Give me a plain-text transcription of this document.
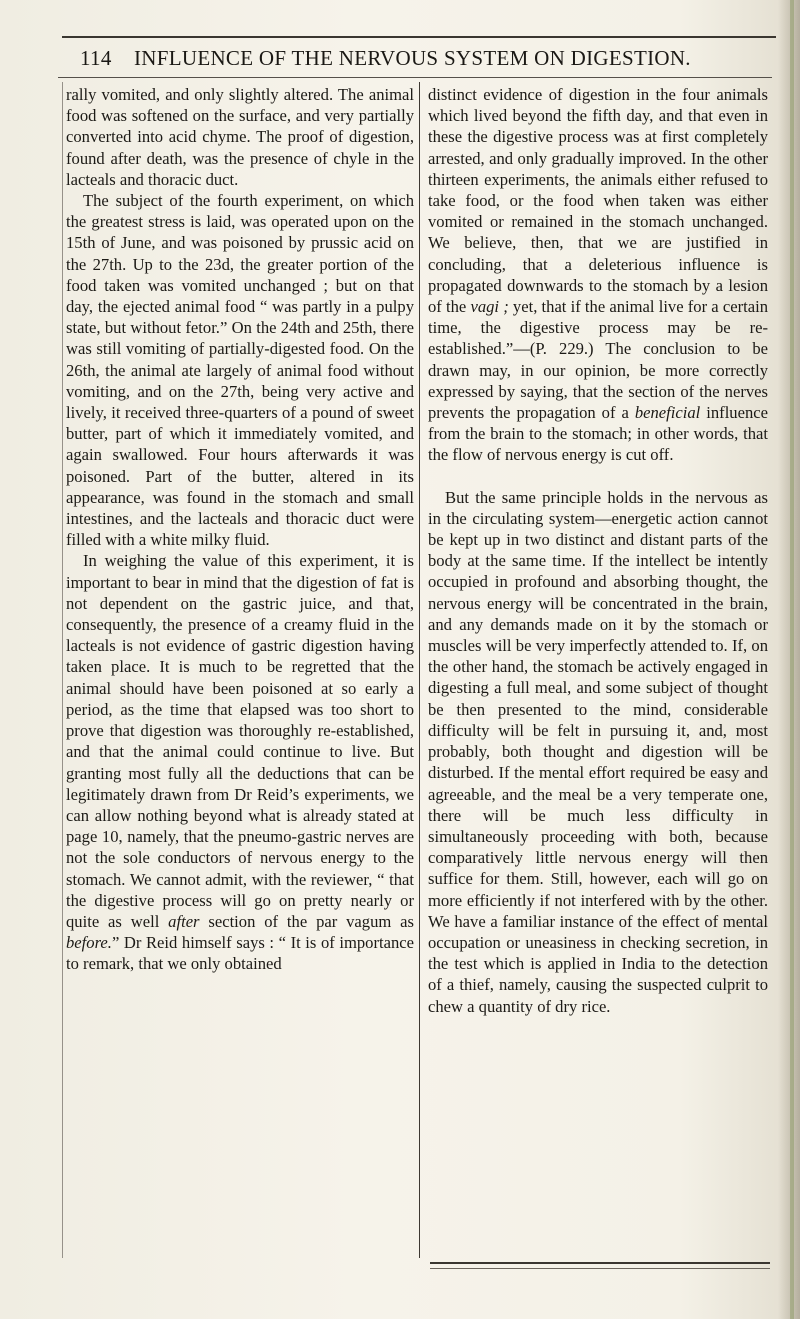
114 INFLUENCE OF THE NERVOUS SYSTEM ON DIGESTION.

rally vomited, and only slightly altered. The animal food was softened on the surface, and very partially converted into acid chyme. The proof of digestion, found after death, was the presence of chyle in the lacteals and thoracic duct.

The subject of the fourth experiment, on which the greatest stress is laid, was operated upon on the 15th of June, and was poisoned by prussic acid on the 27th. Up to the 23d, the greater portion of the food taken was vomited unchanged ; but on that day, the ejected animal food “ was partly in a pulpy state, but without fetor.” On the 24th and 25th, there was still vomiting of partially-digested food. On the 26th, the animal ate largely of animal food without vomiting, and on the 27th, being very active and lively, it received three-quarters of a pound of sweet butter, part of which it immediately vomited, and again swallowed. Four hours afterwards it was poisoned. Part of the butter, altered in its appearance, was found in the stomach and small intestines, and the lacteals and thoracic duct were filled with a white milky fluid.

In weighing the value of this experiment, it is important to bear in mind that the digestion of fat is not dependent on the gastric juice, and that, consequently, the presence of a creamy fluid in the lacteals is not evidence of gastric digestion having taken place. It is much to be regretted that the animal should have been poisoned at so early a period, as the time that elapsed was too short to prove that digestion was thoroughly re-established, and that the animal could continue to live. But granting most fully all the deductions that can be legitimately drawn from Dr Reid’s experiments, we can allow nothing beyond what is already stated at page 10, namely, that the pneumo-gastric nerves are not the sole conductors of nervous energy to the stomach. We cannot admit, with the reviewer, “ that the digestive process will go on pretty nearly or quite as well after section of the par vagum as before.” Dr Reid himself says : “ It is of importance to remark, that we only obtained

distinct evidence of digestion in the four animals which lived beyond the fifth day, and that even in these the digestive process was at first completely arrested, and only gradually improved. In the other thirteen experiments, the animals either refused to take food, or the food when taken was either vomited or remained in the stomach unchanged. We believe, then, that we are justified in concluding, that a deleterious influence is propagated downwards to the stomach by a lesion of the vagi ; yet, that if the animal live for a certain time, the digestive process may be re-established.”—(P. 229.) The conclusion to be drawn may, in our opinion, be more correctly expressed by saying, that the section of the nerves prevents the propagation of a beneficial influence from the brain to the stomach; in other words, that the flow of nervous energy is cut off.

But the same principle holds in the nervous as in the circulating system—energetic action cannot be kept up in two distinct and distant parts of the body at the same time. If the intellect be intently occupied in profound and absorbing thought, the nervous energy will be concentrated in the brain, and any demands made on it by the stomach or muscles will be very imperfectly attended to. If, on the other hand, the stomach be actively engaged in digesting a full meal, and some subject of thought be then presented to the mind, considerable difficulty will be felt in pursuing it, and, most probably, both thought and digestion will be disturbed. If the mental effort required be easy and agreeable, and the meal be a very temperate one, there will be much less difficulty in simultaneously proceeding with both, because comparatively little nervous energy will then suffice for them. Still, however, each will go on more efficiently if not interfered with by the other. We have a familiar instance of the effect of mental occupation or uneasiness in checking secretion, in the test which is applied in India to the detection of a thief, namely, causing the suspected culprit to chew a quantity of dry rice.
